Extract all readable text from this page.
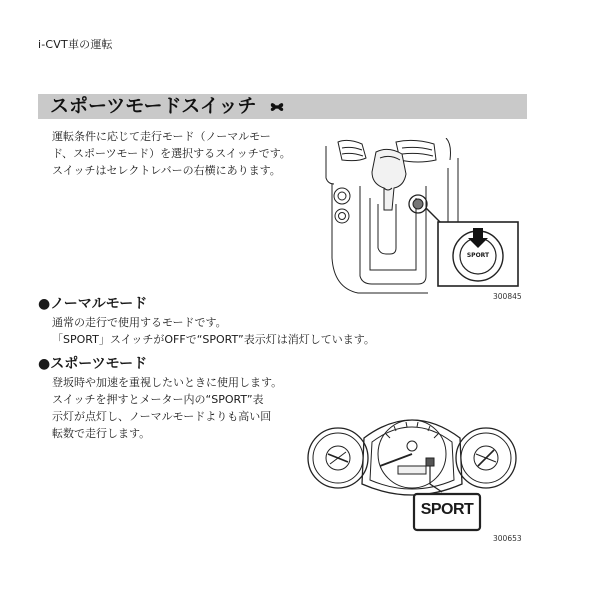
i-CVT車の運転
スポーツモードスイッチ
運転条件に応じて走行モード（ノーマルモー
ド、スポーツモード）を選択するスイッチです。
スイッチはセレクトレバーの右横にあります。
SPORT
300845
●ノーマルモード
通常の走行で使用するモードです。
「SPORT」スイッチがOFFで“SPORT”表示灯は消灯しています。
●スポーツモード
登坂時や加速を重視したいときに使用します。
スイッチを押すとメーター内の“SPORT”表
示灯が点灯し、ノーマルモードよりも高い回
転数で走行します。
SPORT
300653
